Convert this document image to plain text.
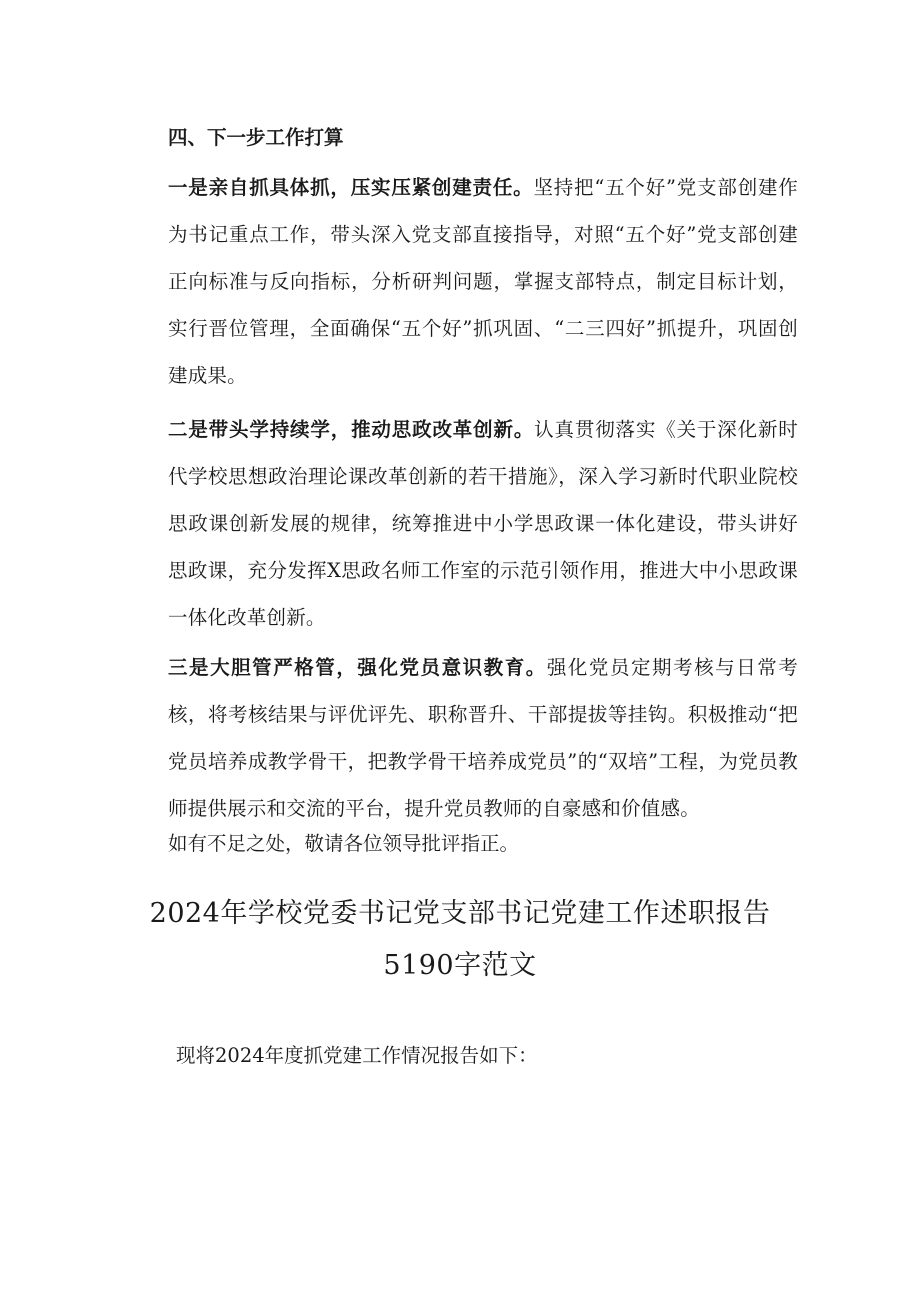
四、下一步工作打算

一是亲自抓具体抓，压实压紧创建责任。坚持把“五个好”党支部创建作为书记重点工作，带头深入党支部直接指导，对照“五个好”党支部创建正向标准与反向指标，分析研判问题，掌握支部特点，制定目标计划，实行晋位管理，全面确保“五个好”抓巩固、“二三四好”抓提升，巩固创建成果。

二是带头学持续学，推动思政改革创新。认真贯彻落实《关于深化新时代学校思想政治理论课改革创新的若干措施》，深入学习新时代职业院校思政课创新发展的规律，统筹推进中小学思政课一体化建设，带头讲好思政课，充分发挥X思政名师工作室的示范引领作用，推进大中小思政课一体化改革创新。

三是大胆管严格管，强化党员意识教育。强化党员定期考核与日常考核，将考核结果与评优评先、职称晋升、干部提拔等挂钩。积极推动“把党员培养成教学骨干，把教学骨干培养成党员”的“双培”工程，为党员教师提供展示和交流的平台，提升党员教师的自豪感和价值感。

如有不足之处，敬请各位领导批评指正。
2024年学校党委书记党支部书记党建工作述职报告
5190字范文
现将2024年度抓党建工作情况报告如下：
